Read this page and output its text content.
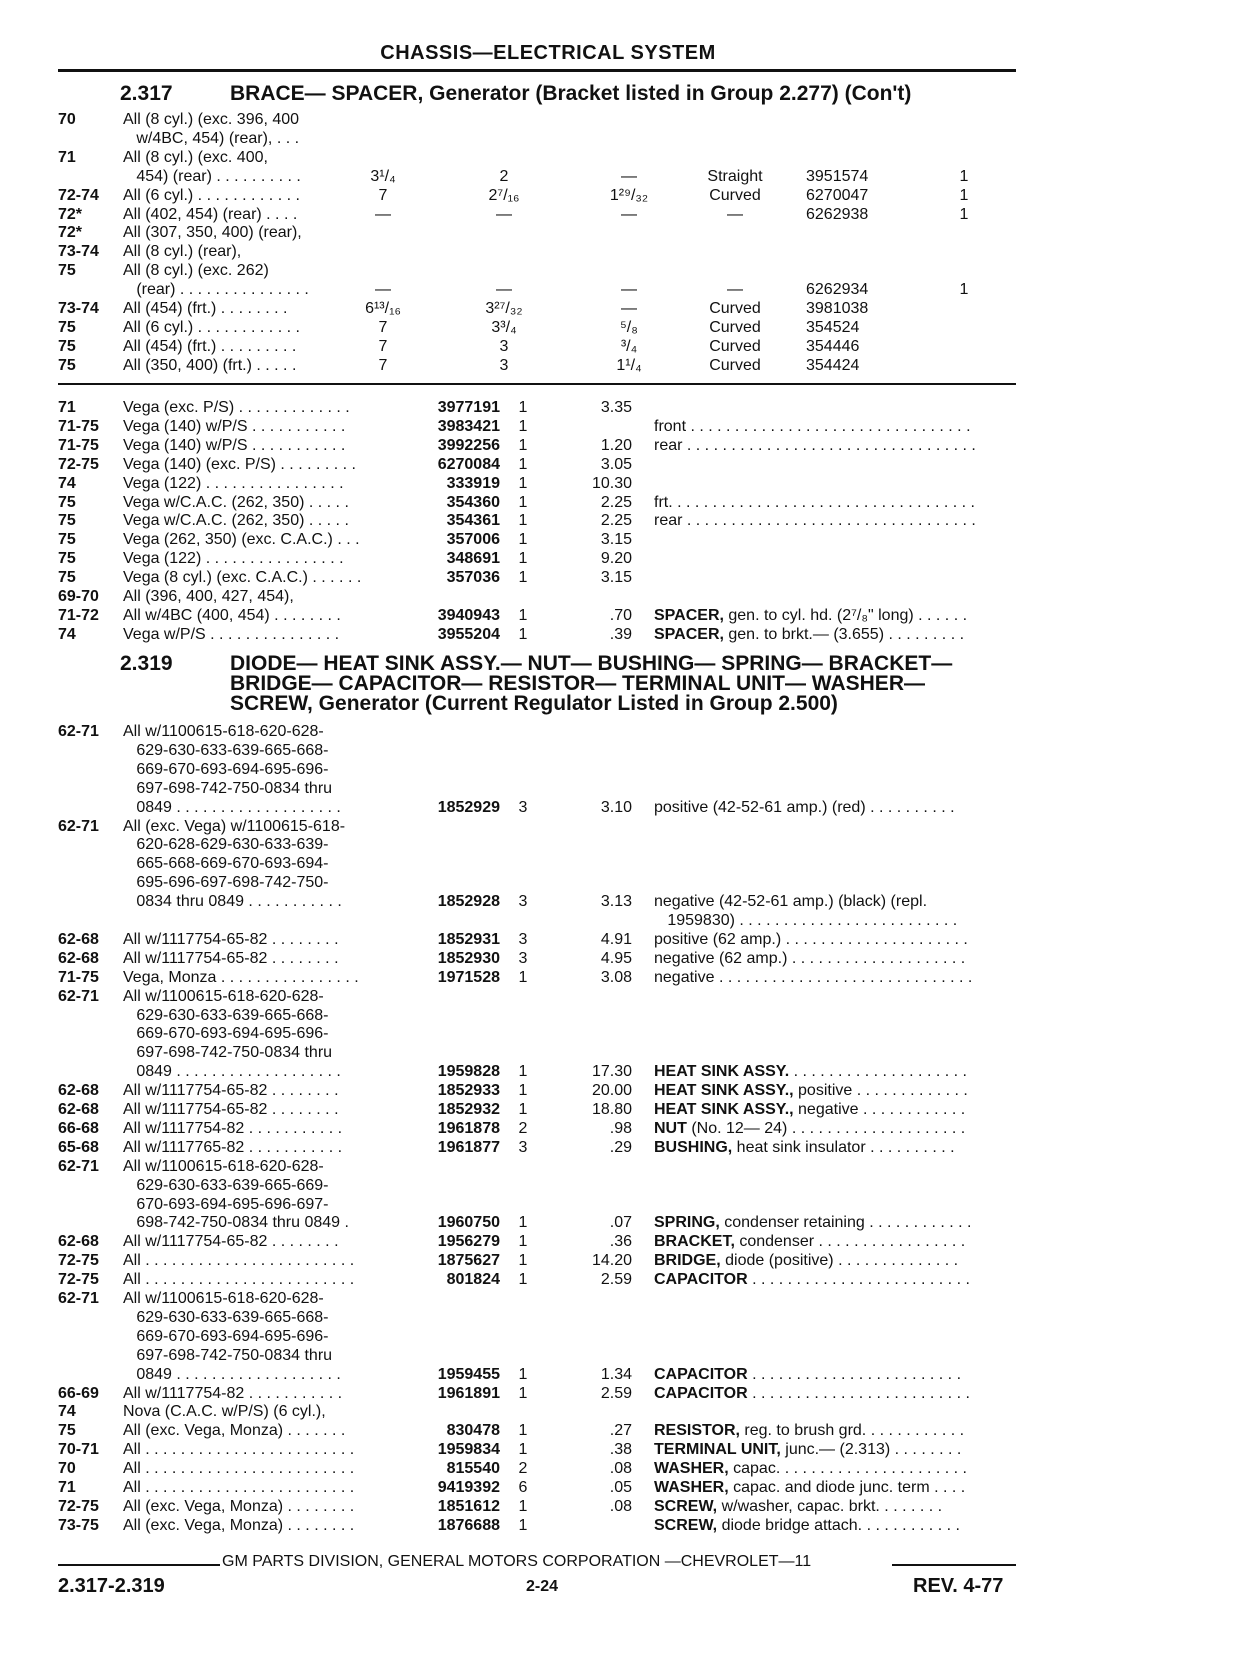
CHASSIS—ELECTRICAL SYSTEM
2.317	BRACE— SPACER, Generator (Bracket listed in Group 2.277) (Con't)
70	All (8 cyl.) (exc. 396, 400
w/4BC, 454) (rear), . . .
71	All (8 cyl.) (exc. 400,
454) (rear) . . . . . . . . . .	3¹/₄	2	—	Straight	3951574	1
72-74 All (6 cyl.) . . . . . . . . . . . .	7	2⁷/₁₆	1²⁹/₃₂	Curved	6270047	1
72*	All (402, 454) (rear) . . . .	—	—	—	—	6262938	1
72*	All (307, 350, 400) (rear),
73-74 All (8 cyl.) (rear),
75	All (8 cyl.) (exc. 262)
(rear) . . . . . . . . . . . . . . .	—	—	—	—	6262934	1
73-74 All (454) (frt.) . . . . . . . .	6¹³/₁₆	3²⁷/₃₂	—	Curved	3981038
75	All (6 cyl.) . . . . . . . . . . . .	7	3³/₄	⁵/₈	Curved	354524
75	All (454) (frt.) . . . . . . . . .	7	3	³/₄	Curved	354446
75	All (350, 400) (frt.) . . . . .	7	3	1¹/₄	Curved	354424
71	Vega (exc. P/S) . . . . . . . . . . . . .	3977191 1	3.35
71-75 Vega (140) w/P/S . . . . . . . . . . .	3983421 1	front . . . . . . . . . . . . . . . . . . . . . . . . . . . . . . . .
71-75 Vega (140) w/P/S . . . . . . . . . . .	3992256 1	1.20 rear . . . . . . . . . . . . . . . . . . . . . . . . . . . . . . . . .
72-75 Vega (140) (exc. P/S) . . . . . . . . .	6270084 1	3.05
74	Vega (122) . . . . . . . . . . . . . . . .	333919 1	10.30
75	Vega w/C.A.C. (262, 350) . . . . .	354360 1	2.25 frt. . . . . . . . . . . . . . . . . . . . . . . . . . . . . . . . . . .
75	Vega w/C.A.C. (262, 350) . . . . .	354361 1	2.25 rear . . . . . . . . . . . . . . . . . . . . . . . . . . . . . . . . .
75	Vega (262, 350) (exc. C.A.C.) . . .	357006 1	3.15
75	Vega (122) . . . . . . . . . . . . . . . .	348691 1	9.20
75	Vega (8 cyl.) (exc. C.A.C.) . . . . . .	357036 1	3.15
69-70 All (396, 400, 427, 454),
71-72 All w/4BC (400, 454) . . . . . . . .	3940943 1	.70 SPACER, gen. to cyl. hd. (2⁷/₈" long) . . . . . .
74	Vega w/P/S . . . . . . . . . . . . . . .	3955204 1	.39 SPACER, gen. to brkt.— (3.655) . . . . . . . . .
2.319	DIODE— HEAT SINK ASSY.— NUT— BUSHING— SPRING— BRACKET—
BRIDGE— CAPACITOR— RESISTOR— TERMINAL UNIT— WASHER—
SCREW, Generator (Current Regulator Listed in Group 2.500)
62-71 All w/1100615-618-620-628-
629-630-633-639-665-668-
669-670-693-694-695-696-
697-698-742-750-0834 thru
0849 . . . . . . . . . . . . . . . . . . .	1852929 3	3.10 positive (42-52-61 amp.) (red) . . . . . . . . . .
62-71 All (exc. Vega) w/1100615-618-
620-628-629-630-633-639-
665-668-669-670-693-694-
695-696-697-698-742-750-
0834 thru 0849 . . . . . . . . . . .	1852928 3	3.13 negative (42-52-61 amp.) (black) (repl.
1959830) . . . . . . . . . . . . . . . . . . . . . . . . .
62-68 All w/1117754-65-82 . . . . . . . .	1852931 3	4.91 positive (62 amp.) . . . . . . . . . . . . . . . . . . . . .
62-68 All w/1117754-65-82 . . . . . . . .	1852930 3	4.95 negative (62 amp.) . . . . . . . . . . . . . . . . . . . .
71-75 Vega, Monza . . . . . . . . . . . . . . . .	1971528 1	3.08 negative . . . . . . . . . . . . . . . . . . . . . . . . . . . . .
62-71 All w/1100615-618-620-628-
629-630-633-639-665-668-
669-670-693-694-695-696-
697-698-742-750-0834 thru
0849 . . . . . . . . . . . . . . . . . . .	1959828 1	17.30 HEAT SINK ASSY. . . . . . . . . . . . . . . . . . . . .
62-68 All w/1117754-65-82 . . . . . . . .	1852933 1	20.00 HEAT SINK ASSY., positive . . . . . . . . . . . . .
62-68 All w/1117754-65-82 . . . . . . . .	1852932 1	18.80 HEAT SINK ASSY., negative . . . . . . . . . . . .
66-68 All w/1117754-82 . . . . . . . . . . .	1961878 2	.98 NUT (No. 12— 24) . . . . . . . . . . . . . . . . . . . .
65-68 All w/1117765-82 . . . . . . . . . . .	1961877 3	.29 BUSHING, heat sink insulator . . . . . . . . . .
62-71 All w/1100615-618-620-628-
629-630-633-639-665-669-
670-693-694-695-696-697-
698-742-750-0834 thru 0849 .	1960750 1	.07 SPRING, condenser retaining . . . . . . . . . . . .
62-68 All w/1117754-65-82 . . . . . . . .	1956279 1	.36 BRACKET, condenser . . . . . . . . . . . . . . . . .
72-75 All . . . . . . . . . . . . . . . . . . . . . . . .	1875627 1	14.20 BRIDGE, diode (positive) . . . . . . . . . . . . . .
72-75 All . . . . . . . . . . . . . . . . . . . . . . . .	801824 1	2.59 CAPACITOR . . . . . . . . . . . . . . . . . . . . . . . . .
62-71 All w/1100615-618-620-628-
629-630-633-639-665-668-
669-670-693-694-695-696-
697-698-742-750-0834 thru
0849 . . . . . . . . . . . . . . . . . . .	1959455 1	1.34 CAPACITOR . . . . . . . . . . . . . . . . . . . . . . . .
66-69 All w/1117754-82 . . . . . . . . . . .	1961891 1	2.59 CAPACITOR . . . . . . . . . . . . . . . . . . . . . . . . .
74	Nova (C.A.C. w/P/S) (6 cyl.),
75	All (exc. Vega, Monza) . . . . . . .	830478 1	.27 RESISTOR, reg. to brush grd. . . . . . . . . . . .
70-71 All . . . . . . . . . . . . . . . . . . . . . . . .	1959834 1	.38 TERMINAL UNIT, junc.— (2.313) . . . . . . . .
70	All . . . . . . . . . . . . . . . . . . . . . . . .	815540 2	.08 WASHER, capac. . . . . . . . . . . . . . . . . . . . . .
71	All . . . . . . . . . . . . . . . . . . . . . . . .	9419392 6	.05 WASHER, capac. and diode junc. term . . . .
72-75 All (exc. Vega, Monza) . . . . . . . .	1851612 1	.08 SCREW, w/washer, capac. brkt. . . . . . . .
73-75 All (exc. Vega, Monza) . . . . . . . .	1876688 1	SCREW, diode bridge attach. . . . . . . . . . . .
GM PARTS DIVISION, GENERAL MOTORS CORPORATION —CHEVROLET—11
2.317-2.319	2-24	REV. 4-77
